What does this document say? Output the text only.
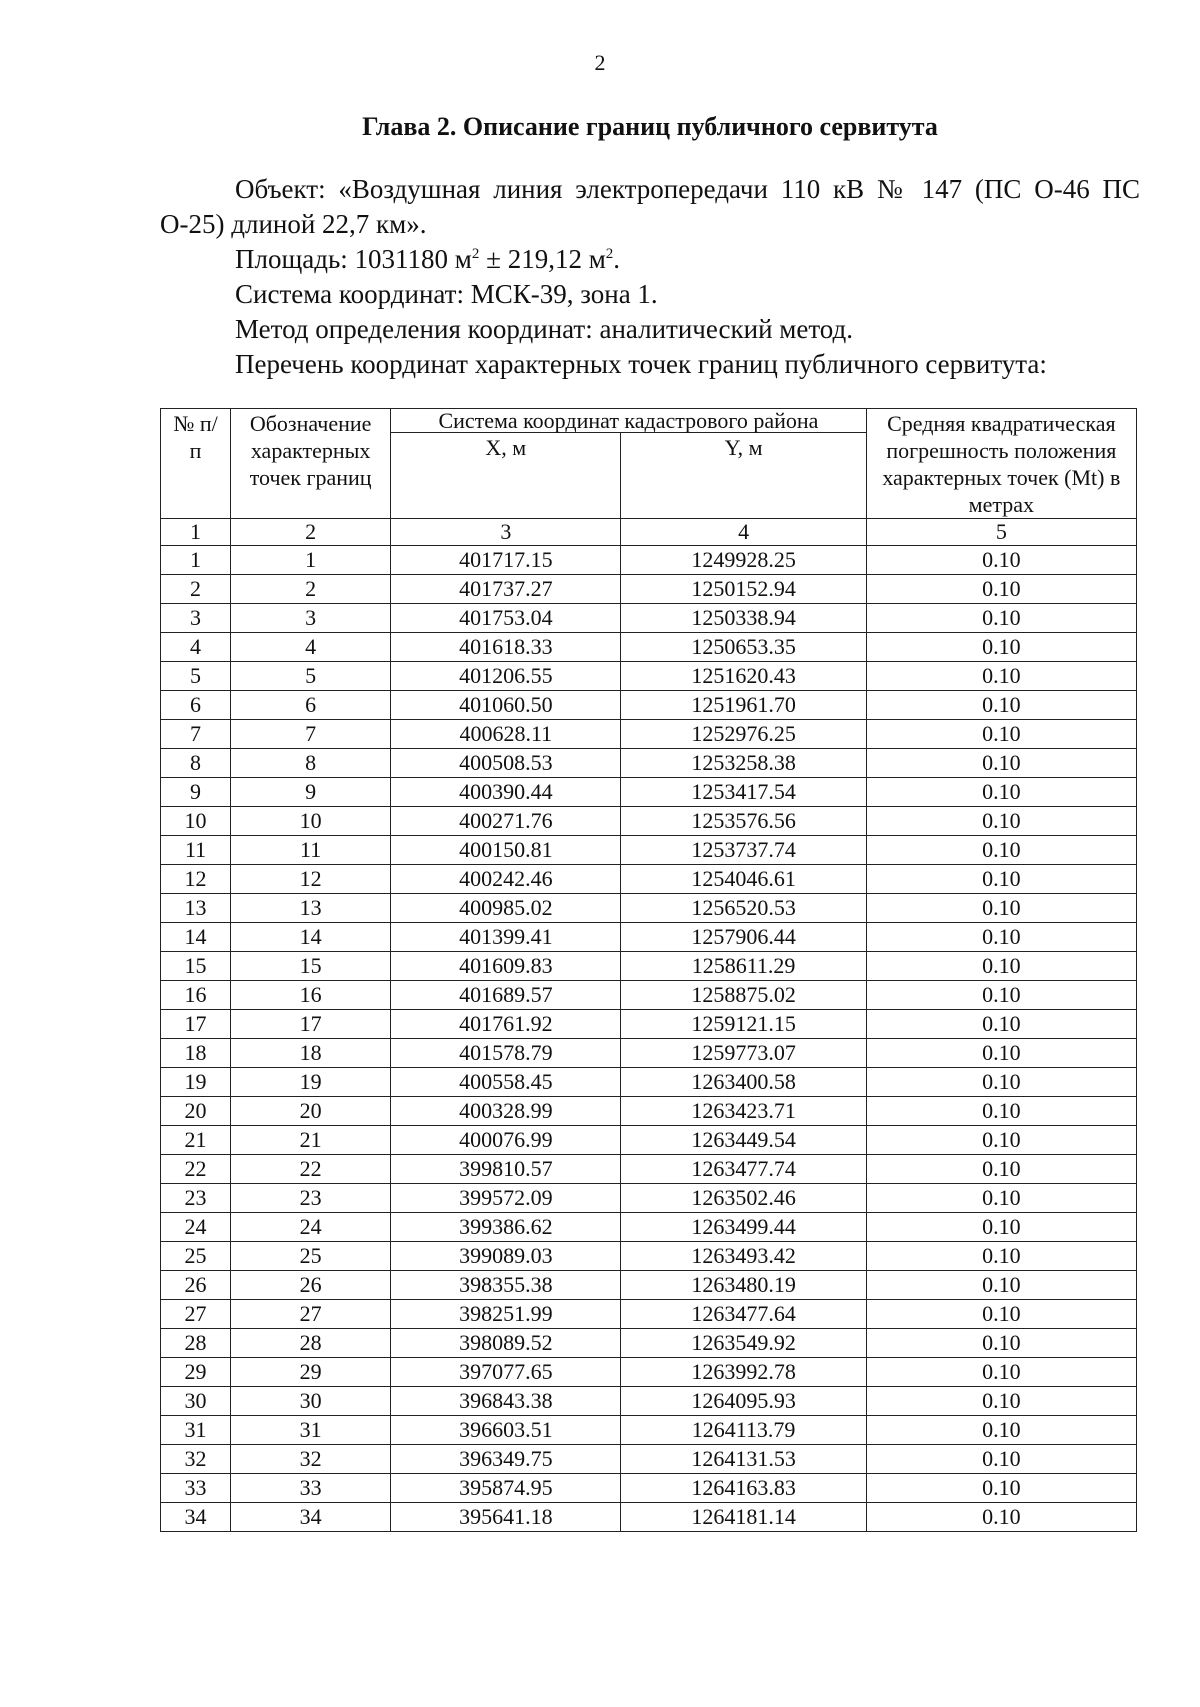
2
Глава 2. Описание границ публичного сервитута

Объект: «Воздушная линия электропередачи 110 кВ № 147 (ПС О-46 ПС О-25) длиной 22,7 км».

Площадь: 1031180 $м^2 \pm 219,12$ $м^2$.

Система координат: МСК-39, зона 1.

Метод определения координат: аналитический метод.

Перечень координат характерных точек границ публичного сервитута:

№ п/п	Обозначение характерных точек границ	Система координат кадастрового района		Средняя квадратическая погрешность положения характерных точек (Mt) в метрах
		X, м	Y, м	
1	2	3	4	5
1	1	401717.15	1249928.25	0.10
2	2	401737.27	1250152.94	0.10
3	3	401753.04	1250338.94	0.10
4	4	401618.33	1250653.35	0.10
5	5	401206.55	1251620.43	0.10
6	6	401060.50	1251961.70	0.10
7	7	400628.11	1252976.25	0.10
8	8	400508.53	1253258.38	0.10
9	9	400390.44	1253417.54	0.10
10	10	400271.76	1253576.56	0.10
11	11	400150.81	1253737.74	0.10
12	12	400242.46	1254046.61	0.10
13	13	400985.02	1256520.53	0.10
14	14	401399.41	1257906.44	0.10
15	15	401609.83	1258611.29	0.10
16	16	401689.57	1258875.02	0.10
17	17	401761.92	1259121.15	0.10
18	18	401578.79	1259773.07	0.10
19	19	400558.45	1263400.58	0.10
20	20	400328.99	1263423.71	0.10
21	21	400076.99	1263449.54	0.10
22	22	399810.57	1263477.74	0.10
23	23	399572.09	1263502.46	0.10
24	24	399386.62	1263499.44	0.10
25	25	399089.03	1263493.42	0.10
26	26	398355.38	1263480.19	0.10
27	27	398251.99	1263477.64	0.10
28	28	398089.52	1263549.92	0.10
29	29	397077.65	1263992.78	0.10
30	30	396843.38	1264095.93	0.10
31	31	396603.51	1264113.79	0.10
32	32	396349.75	1264131.53	0.10
33	33	395874.95	1264163.83	0.10
34	34	395641.18	1264181.14	0.10
